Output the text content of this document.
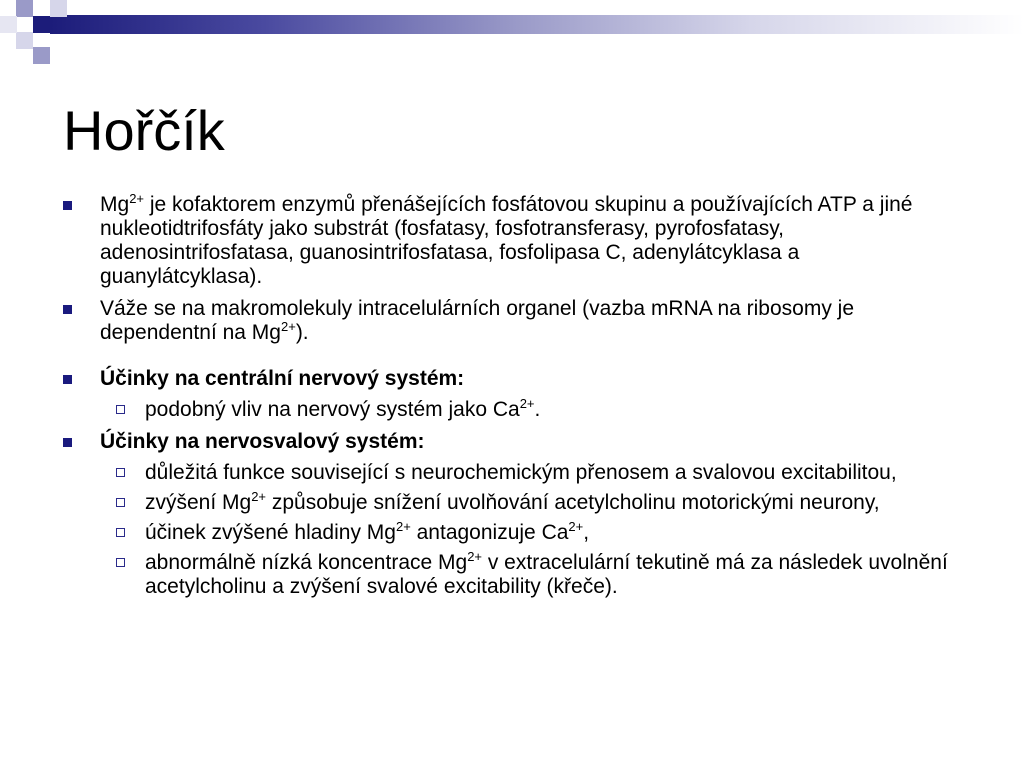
Hořčík
$Mg^{2+}$ je kofaktorem enzymů přenášejících fosfátovou skupinu a používajících ATP a jiné nukleotidtrifosfáty jako substrát (fosfatasy, fosfotransferasy, pyrofosfatasy, adenosintrifosfatasa, guanosintrifosfatasa, fosfolipasa C, adenylátcyklasa a guanylátcyklasa).
Váže se na makromolekuly intracelulárních organel (vazba mRNA na ribosomy je dependentní na $Mg^{2+}$).
Účinky na centrální nervový systém:
podobný vliv na nervový systém jako $Ca^{2+}$.
Účinky na nervosvalový systém:
důležitá funkce související s neurochemickým přenosem a svalovou excitabilitou,
zvýšení $Mg^{2+}$ způsobuje snížení uvolňování acetylcholinu motorickými neurony,
účinek zvýšené hladiny $Mg^{2+}$ antagonizuje $Ca^{2+}$,
abnormálně nízká koncentrace $Mg^{2+}$ v extracelulární tekutině má za následek uvolnění acetylcholinu a zvýšení svalové excitability (křeče).
